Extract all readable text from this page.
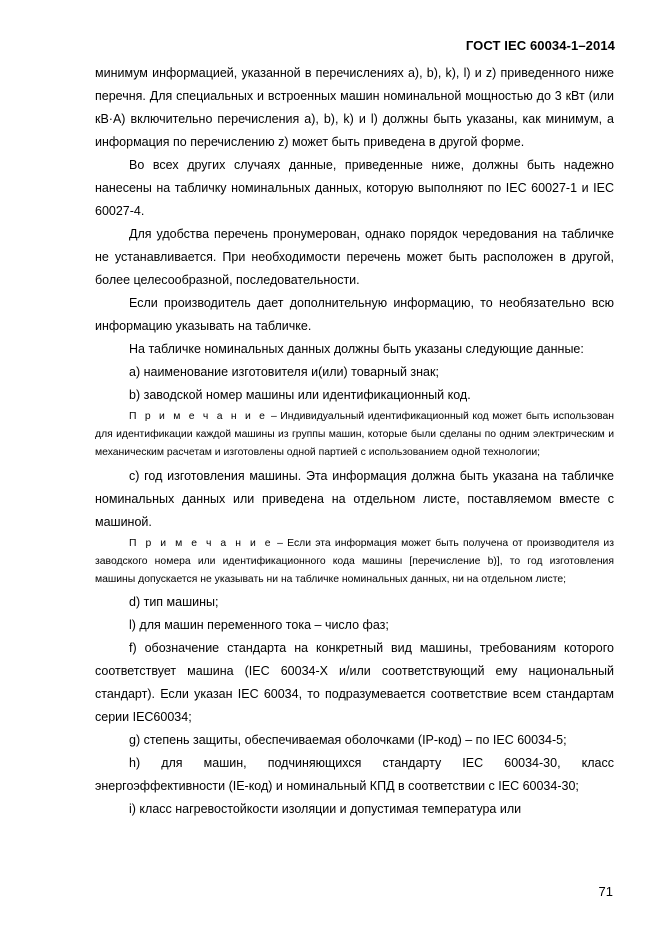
ГОСТ IEC 60034-1–2014

минимум информацией, указанной в перечислениях а), b), k), l) и z) приведенного ниже перечня. Для специальных и встроенных машин номинальной мощностью до 3 кВт (или кВ·А) включительно перечисления а), b), k) и l) должны быть указаны, как минимум, а информация по перечислению z) может быть приведена в другой форме.

Во всех других случаях данные, приведенные ниже, должны быть надежно нанесены на табличку номинальных данных, которую выполняют по IEC 60027-1 и IEC 60027-4.

Для удобства перечень пронумерован, однако порядок чередования на табличке не устанавливается. При необходимости перечень может быть расположен в другой, более целесообразной, последовательности.

Если производитель дает дополнительную информацию, то необязательно всю информацию указывать на табличке.

На табличке номинальных данных должны быть указаны следующие данные:

a) наименование изготовителя и(или) товарный знак;

b) заводской номер машины или идентификационный код.

П р и м е ч а н и е – Индивидуальный идентификационный код может быть использован для идентификации каждой машины из группы машин, которые были сделаны по одним электрическим и механическим расчетам и изготовлены одной партией с использованием одной технологии;

c) год изготовления машины. Эта информация должна быть указана на табличке номинальных данных или приведена на отдельном листе, поставляемом вместе с машиной.

П р и м е ч а н и е – Если эта информация может быть получена от производителя из заводского номера или идентификационного кода машины [перечисление b)], то год изготовления машины допускается не указывать ни на табличке номинальных данных, ни на отдельном листе;

d) тип машины;

l) для машин переменного тока – число фаз;

f) обозначение стандарта на конкретный вид машины, требованиям которого соответствует машина (IEC 60034-X и/или соответствующий ему национальный стандарт). Если указан IEC 60034, то подразумевается соответствие всем стандартам серии IEC60034;

g) степень защиты, обеспечиваемая оболочками (IP-код) – по IEC 60034-5;

h) для машин, подчиняющихся стандарту IEC 60034-30, класс энергоэффективности (IE-код) и номинальный КПД в соответствии с IEC 60034-30;

i) класс нагревостойкости изоляции и допустимая температура или

71
